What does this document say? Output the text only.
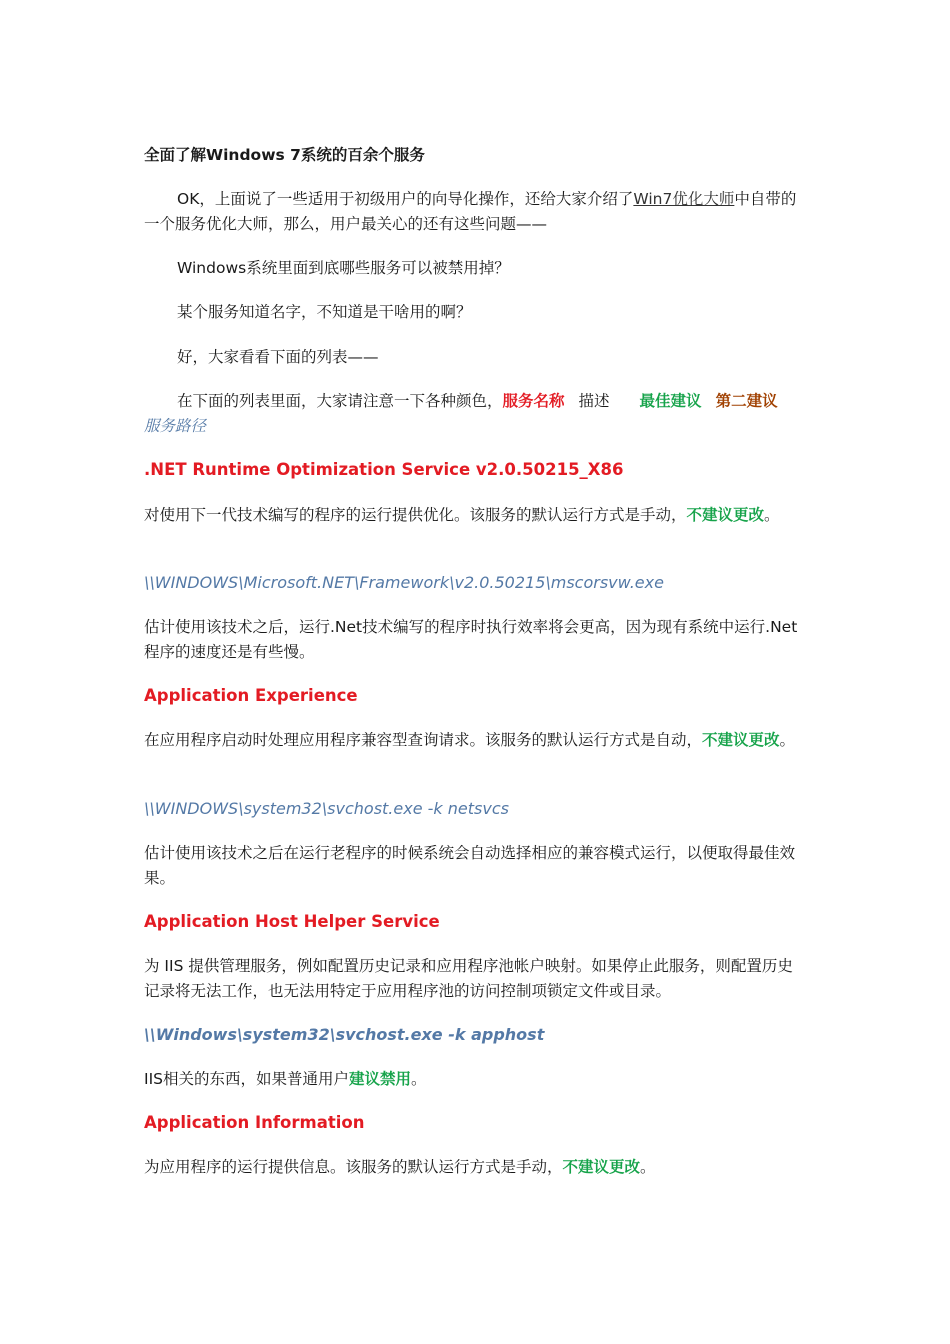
全面了解Windows 7系统的百余个服务

OK，上面说了一些适用于初级用户的向导化操作，还给大家介绍了Win7优化大师中自带的一个服务优化大师，那么，用户最关心的还有这些问题——

Windows系统里面到底哪些服务可以被禁用掉？

某个服务知道名字，不知道是干啥用的啊？

好，大家看看下面的列表——

在下面的列表里面，大家请注意一下各种颜色，服务名称 描述 最佳建议 第二建议服务路径

.NET Runtime Optimization Service v2.0.50215_X86

对使用下一代技术编写的程序的运行提供优化。该服务的默认运行方式是手动，不建议更改。

\\WINDOWS\Microsoft.NET\Framework\v2.0.50215\mscorsvw.exe

估计使用该技术之后，运行.Net技术编写的程序时执行效率将会更高，因为现有系统中运行.Net程序的速度还是有些慢。

Application Experience

在应用程序启动时处理应用程序兼容型查询请求。该服务的默认运行方式是自动，不建议更改。

\\WINDOWS\system32\svchost.exe -k netsvcs

估计使用该技术之后在运行老程序的时候系统会自动选择相应的兼容模式运行，以便取得最佳效果。

Application Host Helper Service

为 IIS 提供管理服务，例如配置历史记录和应用程序池帐户映射。如果停止此服务，则配置历史记录将无法工作，也无法用特定于应用程序池的访问控制项锁定文件或目录。

\\Windows\system32\svchost.exe -k apphost

IIS相关的东西，如果普通用户建议禁用。

Application Information

为应用程序的运行提供信息。该服务的默认运行方式是手动，不建议更改。
